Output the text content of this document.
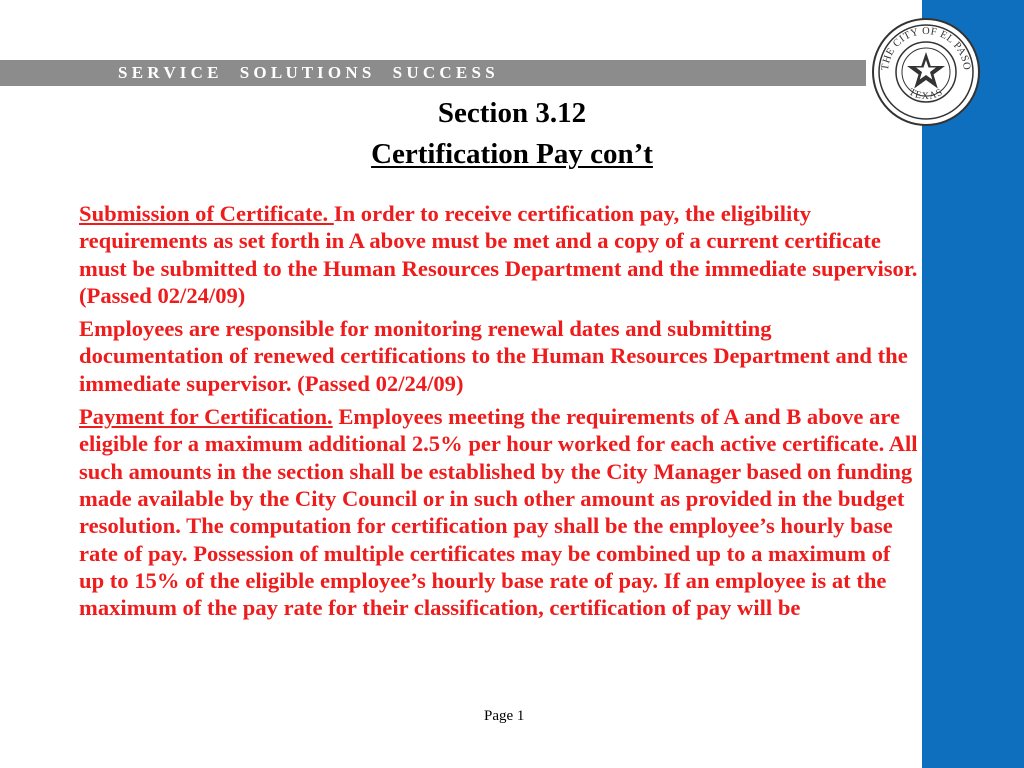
S E R V I C E     S O L U T I O N S     S U C C E S S	THE CITY OF EL PASO
TEXAS
Section 3.12
Certification Pay con’t

Submission of Certificate. In order to receive certification pay, the eligibility requirements as set forth in A above must be met and a copy of a current certificate must be submitted to the Human Resources Department and the immediate supervisor. (Passed 02/24/09)

Employees are responsible for monitoring renewal dates and submitting documentation of renewed certifications to the Human Resources Department and the immediate supervisor. (Passed 02/24/09)

Payment for Certification. Employees meeting the requirements of A and B above are eligible for a maximum additional 2.5% per hour worked for each active certificate. All such amounts in the section shall be established by the City Manager based on funding made available by the City Council or in such other amount as provided in the budget resolution. The computation for certification pay shall be the employee’s hourly base rate of pay. Possession of multiple certificates may be combined up to a maximum of up to 15% of the eligible employee’s hourly base rate of pay. If an employee is at the maximum of the pay rate for their classification, certification of pay will be

Page 1
